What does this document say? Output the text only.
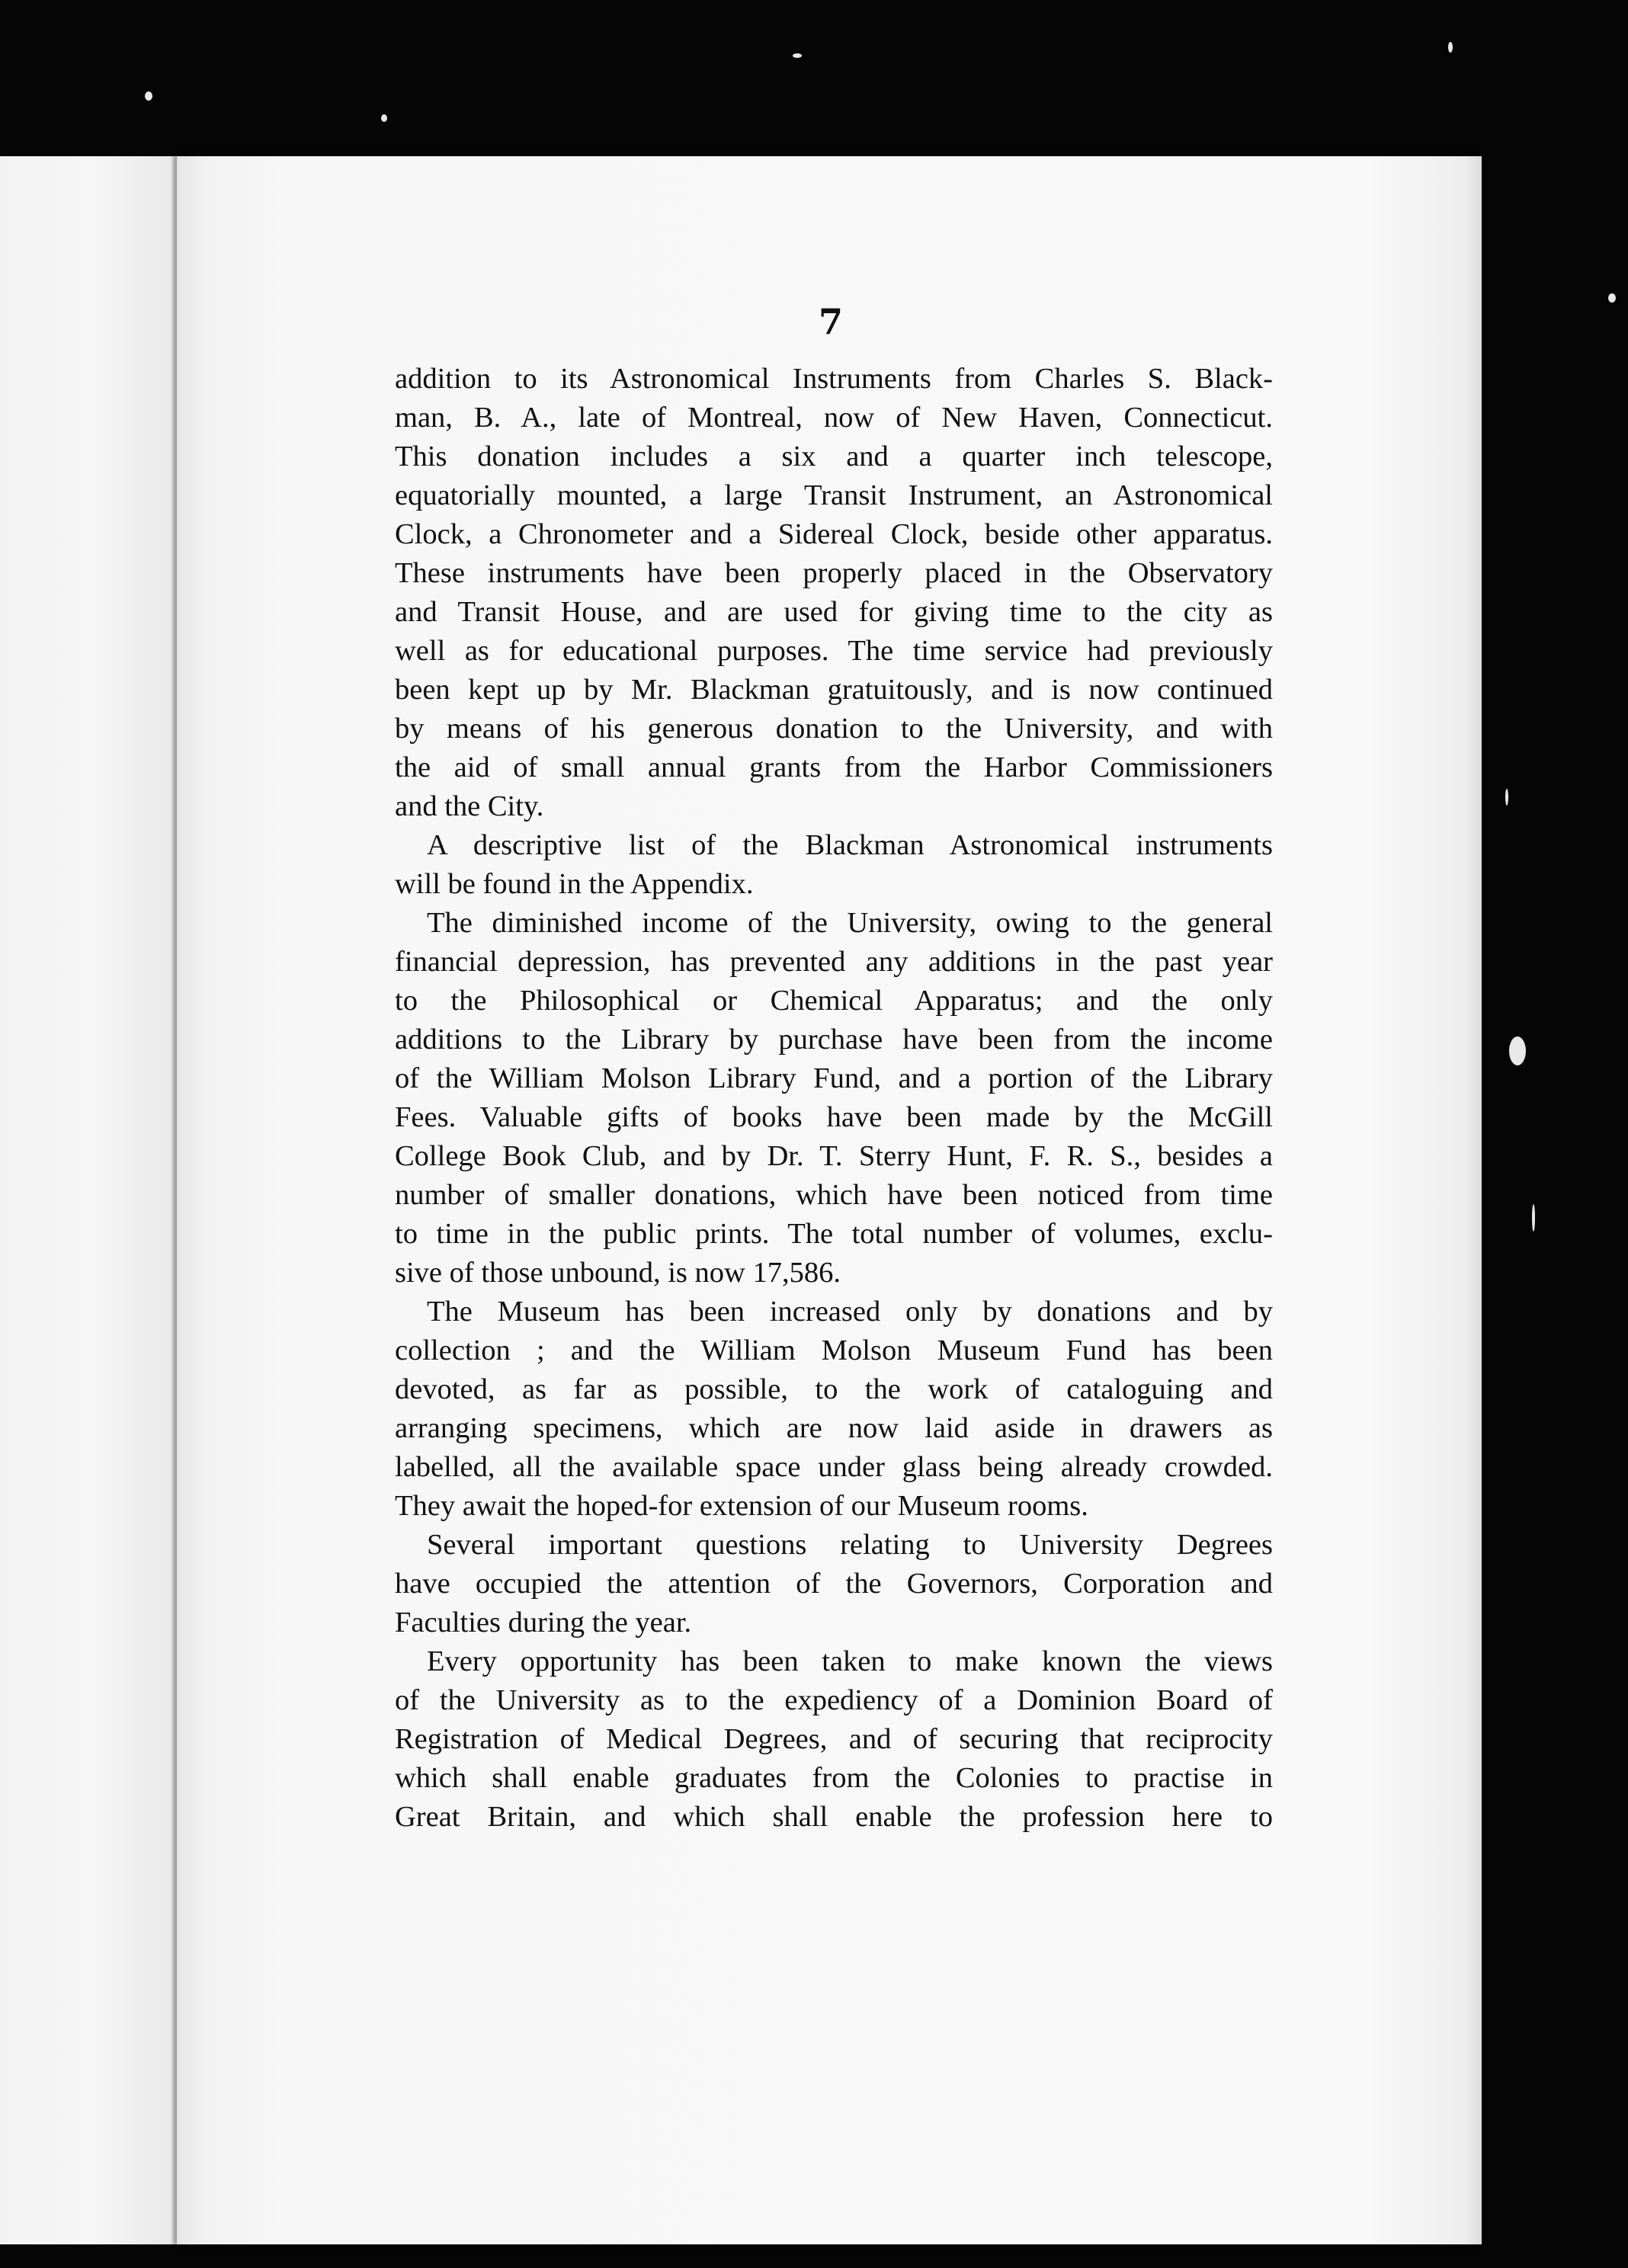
7

addition to its Astronomical Instruments from Charles S. Black-
man, B. A., late of Montreal, now of New Haven, Connecticut.
This donation includes a six and a quarter inch telescope,
equatorially mounted, a large Transit Instrument, an Astronomical
Clock, a Chronometer and a Sidereal Clock, beside other apparatus.
These instruments have been properly placed in the Observatory
and Transit House, and are used for giving time to the city as
well as for educational purposes. The time service had previously
been kept up by Mr. Blackman gratuitously, and is now continued
by means of his generous donation to the University, and with
the aid of small annual grants from the Harbor Commissioners
and the City.

A descriptive list of the Blackman Astronomical instruments
will be found in the Appendix.

The diminished income of the University, owing to the general
financial depression, has prevented any additions in the past year
to the Philosophical or Chemical Apparatus; and the only
additions to the Library by purchase have been from the income
of the William Molson Library Fund, and a portion of the Library
Fees. Valuable gifts of books have been made by the McGill
College Book Club, and by Dr. T. Sterry Hunt, F. R. S., besides a
number of smaller donations, which have been noticed from time
to time in the public prints. The total number of volumes, exclu-
sive of those unbound, is now 17,586.

The Museum has been increased only by donations and by
collection ; and the William Molson Museum Fund has been
devoted, as far as possible, to the work of cataloguing and
arranging specimens, which are now laid aside in drawers as
labelled, all the available space under glass being already crowded.
They await the hoped-for extension of our Museum rooms.

Several important questions relating to University Degrees
have occupied the attention of the Governors, Corporation and
Faculties during the year.

Every opportunity has been taken to make known the views
of the University as to the expediency of a Dominion Board of
Registration of Medical Degrees, and of securing that reciprocity
which shall enable graduates from the Colonies to practise in
Great Britain, and which shall enable the profession here to
